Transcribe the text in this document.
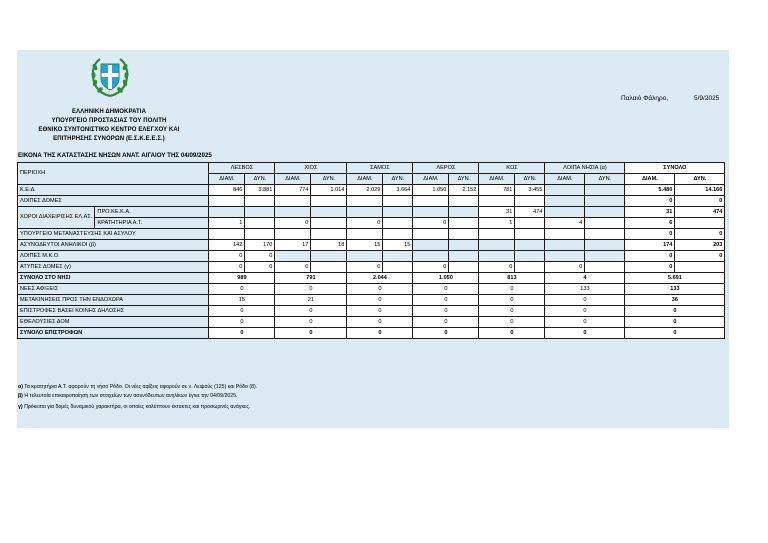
ΕΛΛΗΝΙΚΗ ΔΗΜΟΚΡΑΤΙΑ
ΥΠΟΥΡΓΕΙΟ ΠΡΟΣΤΑΣΙΑΣ ΤΟΥ ΠΟΛΙΤΗ
ΕΘΝΙΚΟ ΣΥΝΤΟΝΙΣΤΙΚΟ ΚΕΝΤΡΟ ΕΛΕΓΧΟΥ ΚΑΙ
ΕΠΙΤΗΡΗΣΗΣ ΣΥΝΟΡΩΝ (Ε.Σ.Κ.Ε.Ε.Σ.)
Παλαιό Φάληρο,	5/9/2025
ΕΙΚΟΝΑ ΤΗΣ ΚΑΤΑΣΤΑΣΗΣ ΝΗΣΩΝ ΑΝΑΤ. ΑΙΓΑΙΟΥ ΤΗΣ 04/09/2025
ΠΕΡΙΟΧΗ		ΛΕΣΒΟΣ		ΧΙΟΣ		ΣΑΜΟΣ		ΛΕΡΟΣ		ΚΩΣ		ΛΟΙΠΑ ΝΗΣΙΑ (α)		ΣΥΝΟΛΟ	
		ΔΙΑΜ.	ΔΥΝ.	ΔΙΑΜ.	ΔΥΝ.	ΔΙΑΜ.	ΔΥΝ.	ΔΙΑΜ.	ΔΥΝ.	ΔΙΑΜ.	ΔΥΝ.	ΔΙΑΜ.	ΔΥΝ.	ΔΙΑΜ.	ΔΥΝ.
Κ.Ε.Δ.		846	3.881	774	1.014	2.029	3.664	1.050	2.152	781	3.455			5.480	14.166
ΛΟΙΠΕΣ ΔΟΜΕΣ														0	0
ΧΩΡΟΙ ΔΙΑΧΕΙΡΙΣΗΣ ΕΛ.ΑΣ.	ΠΡΟ.ΚΕ.Κ.Α.									31	474			31	474
	ΚΡΑΤΗΤΗΡΙΑ Α.Τ.	1		0		0		0		1		4		6	
ΥΠΟΥΡΓΕΙΟ ΜΕΤΑΝΑΣΤΕΥΣΗΣ ΚΑΙ ΑΣΥΛΟΥ														0	0
ΑΣΥΝΟΔΕΥΤΟΙ ΑΝΗΛΙΚΟΙ (β)		142	170	17	18	15	15							174	203
ΛΟΙΠΕΣ Μ.Κ.Ο.		0	0											0	0
ΑΤΥΠΕΣ ΔΟΜΕΣ (γ)		0	0	0		0		0		0		0		0	
ΣΥΝΟΛΟ ΣΤΟ ΝΗΣΙ		989		791		2.044		1.050		813		4		5.691	
ΝΕΕΣ ΑΦΙΞΕΙΣ		0		0		0		0		0		133		133	
ΜΕΤΑΚΙΝΗΣΕΙΣ ΠΡΟΣ ΤΗΝ ΕΝΔΟΧΩΡΑ		15		21		0		0		0		0		36	
ΕΠΙΣΤΡΟΦΕΣ ΒΑΣΕΙ ΚΟΙΝΗΣ ΔΗΛΩΣΗΣ		0		0		0		0		0		0		0	
ΕΘΕΛΟΥΣΙΕΣ ΔΟΜ		0		0		0		0		0		0		0	
ΣΥΝΟΛΟ ΕΠΙΣΤΡΟΦΩΝ		0		0		0		0		0		0		0	
α) Τα κρατητήρια Α.Τ. αφορούν τη νήσο Ρόδο. Οι νέες αφίξεις αφορούν σε ν. Λειψούς (125) και Ρόδο (8).
β) Η τελευταία επικαιροποίηση των στοιχείων των ασυνόδευτων ανηλίκων έγινε την 04/09/2025.
γ) Πρόκειται για δομές δυναμικού χαρακτήρα, οι οποίες καλύπτουν έκτακτες και προσωρινές ανάγκες.
